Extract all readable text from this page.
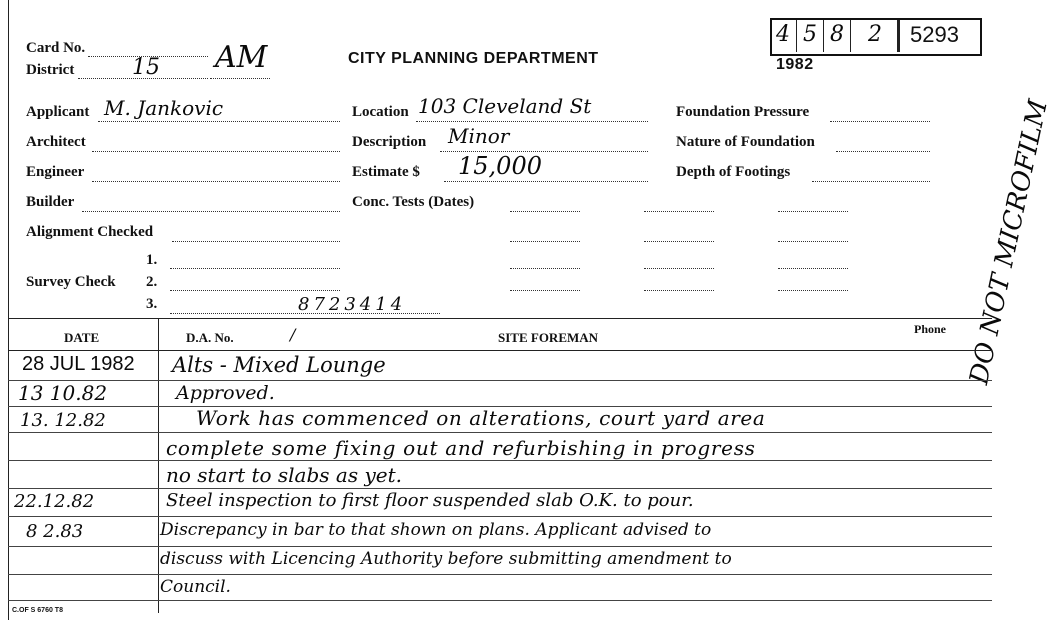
Card No.	AM
District	15	CITY PLANNING DEPARTMENT	1982
4 5 8 2 5293
Applicant M. Jankovic
Architect
Engineer
Builder
Alignment Checked
Survey Check
1.
2.
3.	8723414
Location 103 Cleveland St
Description Minor
Estimate $ 15,000
Conc. Tests (Dates)
Foundation Pressure
Nature of Foundation
Depth of Footings	DO NOT MICROFILM
DATE	D.A. No.	/	SITE FOREMAN
Phone
28 JUL 1982 Alts - Mixed Lounge
13 10.82	Approved.
13. 12.82	Work has commenced on alterations, court yard area
complete some fixing out and refurbishing in progress
no start to slabs as yet.
22.12.82	Steel inspection to first floor suspended slab O.K. to pour.
8 2.83	Discrepancy in bar to that shown on plans. Applicant advised to
discuss with Licencing Authority before submitting amendment to
Council.
C.OF S 6760 T8
